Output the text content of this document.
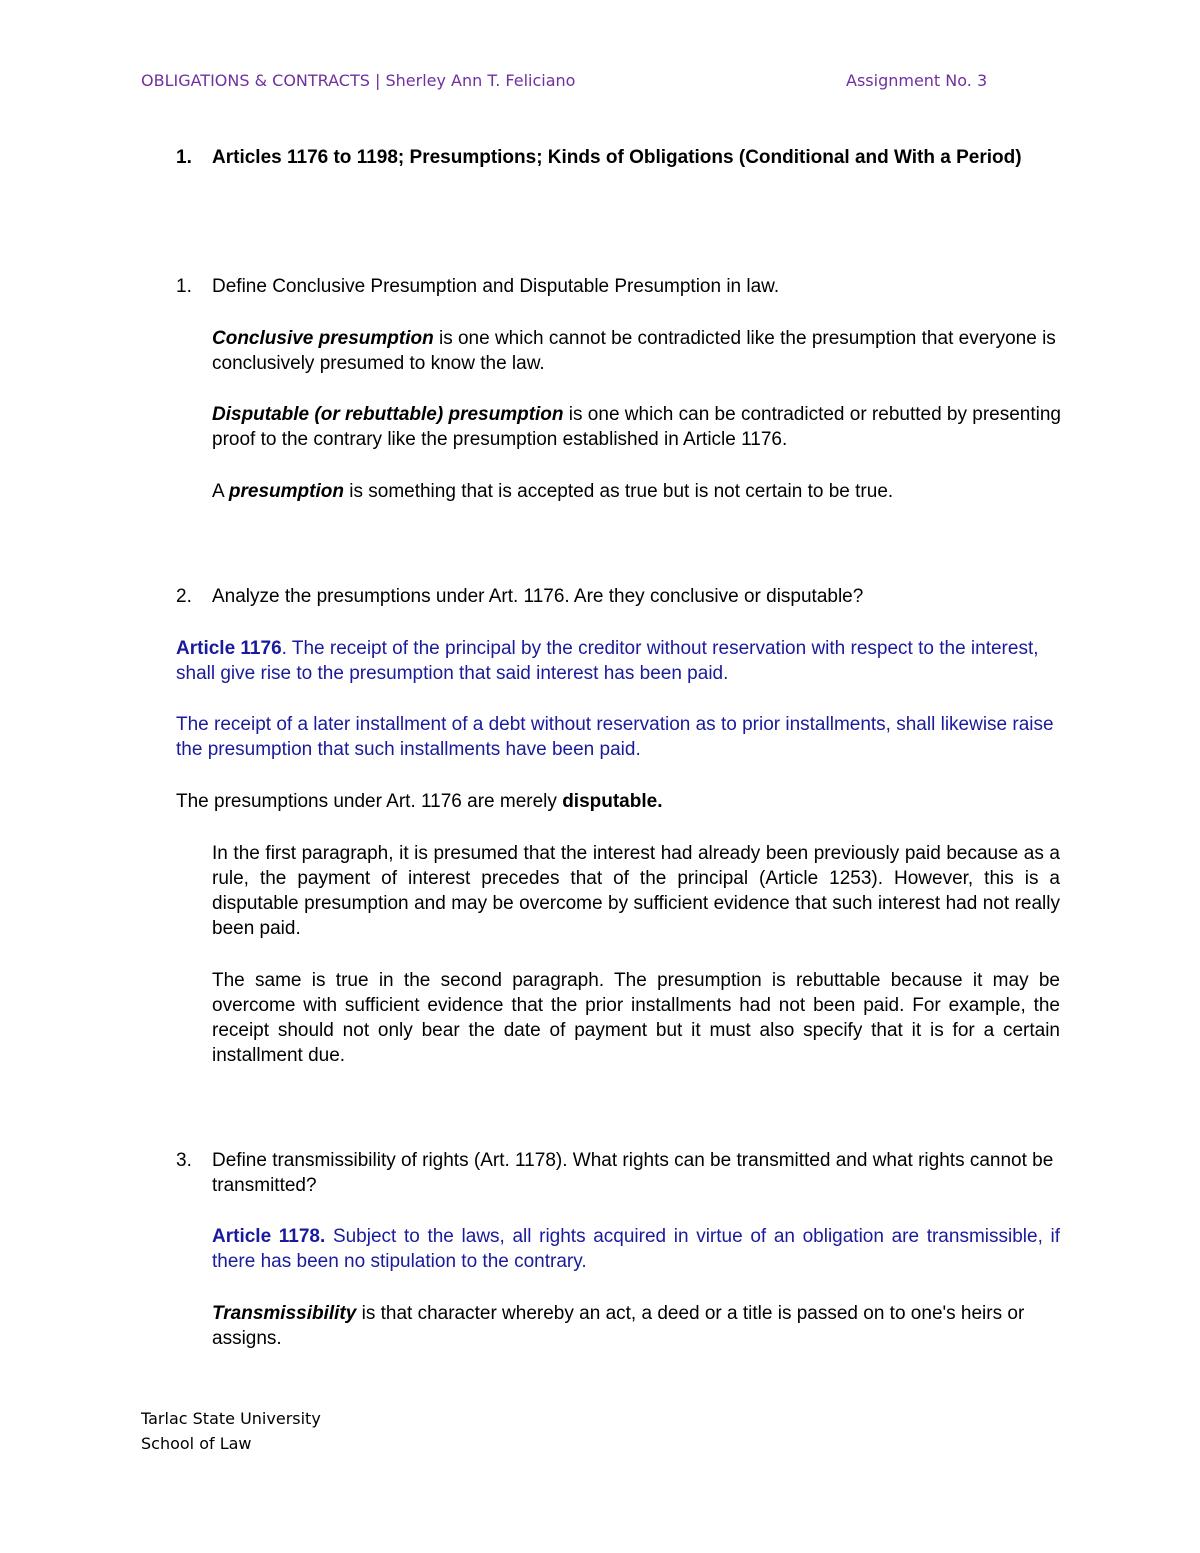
OBLIGATIONS & CONTRACTS | Sherley Ann T. Feliciano	Assignment No. 3
1. Articles 1176 to 1198; Presumptions; Kinds of Obligations (Conditional and With a Period)
1. Define Conclusive Presumption and Disputable Presumption in law.
Conclusive presumption is one which cannot be contradicted like the presumption that everyone is conclusively presumed to know the law.
Disputable (or rebuttable) presumption is one which can be contradicted or rebutted by presenting proof to the contrary like the presumption established in Article 1176.
A presumption is something that is accepted as true but is not certain to be true.
2. Analyze the presumptions under Art. 1176. Are they conclusive or disputable?
Article 1176. The receipt of the principal by the creditor without reservation with respect to the interest, shall give rise to the presumption that said interest has been paid.
The receipt of a later installment of a debt without reservation as to prior installments, shall likewise raise the presumption that such installments have been paid.
The presumptions under Art. 1176 are merely disputable.
In the first paragraph, it is presumed that the interest had already been previously paid because as a rule, the payment of interest precedes that of the principal (Article 1253). However, this is a disputable presumption and may be overcome by sufficient evidence that such interest had not really been paid.
The same is true in the second paragraph. The presumption is rebuttable because it may be overcome with sufficient evidence that the prior installments had not been paid. For example, the receipt should not only bear the date of payment but it must also specify that it is for a certain installment due.
3. Define transmissibility of rights (Art. 1178). What rights can be transmitted and what rights cannot be transmitted?
Article 1178. Subject to the laws, all rights acquired in virtue of an obligation are transmissible, if there has been no stipulation to the contrary.
Transmissibility is that character whereby an act, a deed or a title is passed on to one's heirs or assigns.
Tarlac State University
School of Law
